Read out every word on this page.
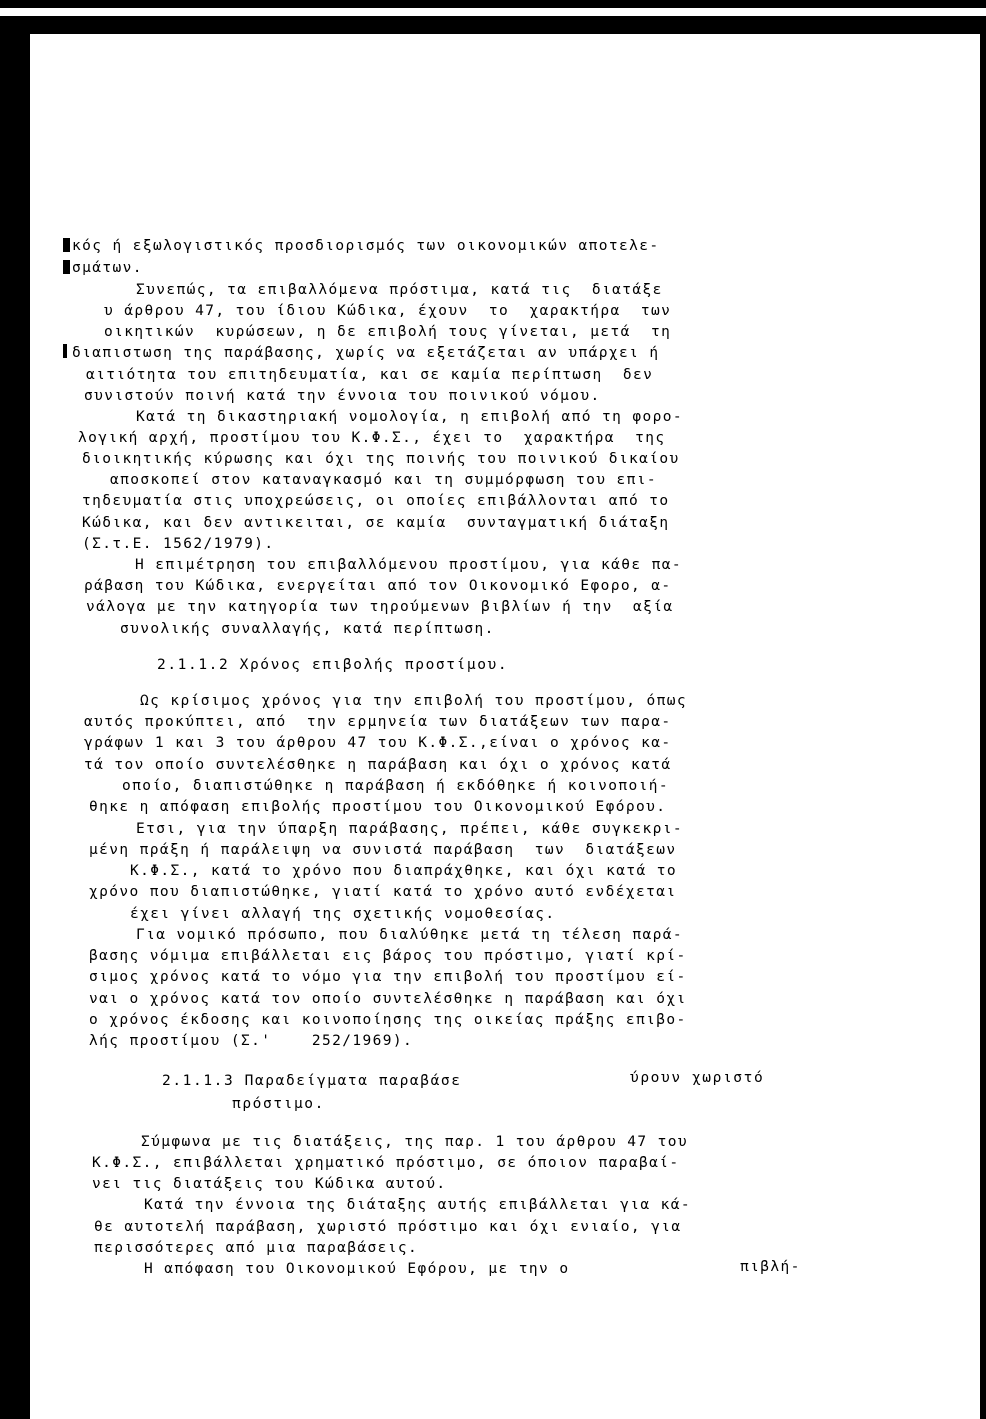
κός ή εξωλογιστικός προσδιορισμός των οικονομικών αποτελε-
σμάτων.
Συνεπώς, τα επιβαλλόμενα πρόστιμα, κατά τις  διατάξε
υ άρθρου 47, του ίδιου Κώδικα, έχουν  το  χαρακτήρα  των
οικητικών  κυρώσεων, η δε επιβολή τους γίνεται, μετά  τη
διαπιστωση της παράβασης, χωρίς να εξετάζεται αν υπάρχει ή
αιτιότητα του επιτηδευματία, και σε καμία περίπτωση  δεν
συνιστούν ποινή κατά την έννοια του ποινικού νόμου.
Κατά τη δικαστηριακή νομολογία, η επιβολή από τη φορο-
λογική αρχή, προστίμου του Κ.Φ.Σ., έχει το  χαρακτήρα  της
διοικητικής κύρωσης και όχι της ποινής του ποινικού δικαίου
αποσκοπεί στον καταναγκασμό και τη συμμόρφωση του επι-
τηδευματία στις υποχρεώσεις, οι οποίες επιβάλλονται από το
Κώδικα, και δεν αντικειται, σε καμία  συνταγματική διάταξη
(Σ.τ.Ε. 1562/1979).
Η επιμέτρηση του επιβαλλόμενου προστίμου, για κάθε πα-
ράβαση του Κώδικα, ενεργείται από τον Οικονομικό Εφορο, α-
νάλογα με την κατηγορία των τηρούμενων βιβλίων ή την  αξία
συνολικής συναλλαγής, κατά περίπτωση.
2.1.1.2 Χρόνος επιβολής προστίμου.
Ως κρίσιμος χρόνος για την επιβολή του προστίμου, όπως
αυτός προκύπτει, από  την ερμηνεία των διατάξεων των παρα-
γράφων 1 και 3 του άρθρου 47 του Κ.Φ.Σ.,είναι ο χρόνος κα-
τά τον οποίο συντελέσθηκε η παράβαση και όχι ο χρόνος κατά
οποίο, διαπιστώθηκε η παράβαση ή εκδόθηκε ή κοινοποιή-
θηκε η απόφαση επιβολής προστίμου του Οικονομικού Εφόρου.
Ετσι, για την ύπαρξη παράβασης, πρέπει, κάθε συγκεκρι-
μένη πράξη ή παράλειψη να συνιστά παράβαση  των  διατάξεων
Κ.Φ.Σ., κατά το χρόνο που διαπράχθηκε, και όχι κατά το
χρόνο που διαπιστώθηκε, γιατί κατά το χρόνο αυτό ενδέχεται
έχει γίνει αλλαγή της σχετικής νομοθεσίας.
Για νομικό πρόσωπο, που διαλύθηκε μετά τη τέλεση παρά-
βασης νόμιμα επιβάλλεται εις βάρος του πρόστιμο, γιατί κρί-
σιμος χρόνος κατά το νόμο για την επιβολή του προστίμου εί-
ναι ο χρόνος κατά τον οποίο συντελέσθηκε η παράβαση και όχι
ο χρόνος έκδοσης και κοινοποίησης της οικείας πράξης επιβο-
λής προστίμου (Σ.'    252/1969).
2.1.1.3 Παραδείγματα παραβάσε	ύρουν χωριστό
πρόστιμο.
Σύμφωνα με τις διατάξεις, της παρ. 1 του άρθρου 47 του
Κ.Φ.Σ., επιβάλλεται χρηματικό πρόστιμο, σε όποιον παραβαί-
νει τις διατάξεις του Κώδικα αυτού.
Κατά την έννοια της διάταξης αυτής επιβάλλεται για κά-
θε αυτοτελή παράβαση, χωριστό πρόστιμο και όχι ενιαίο, για
περισσότερες από μια παραβάσεις.
Η απόφαση του Οικονομικού Εφόρου, με την ο	πιβλή-
